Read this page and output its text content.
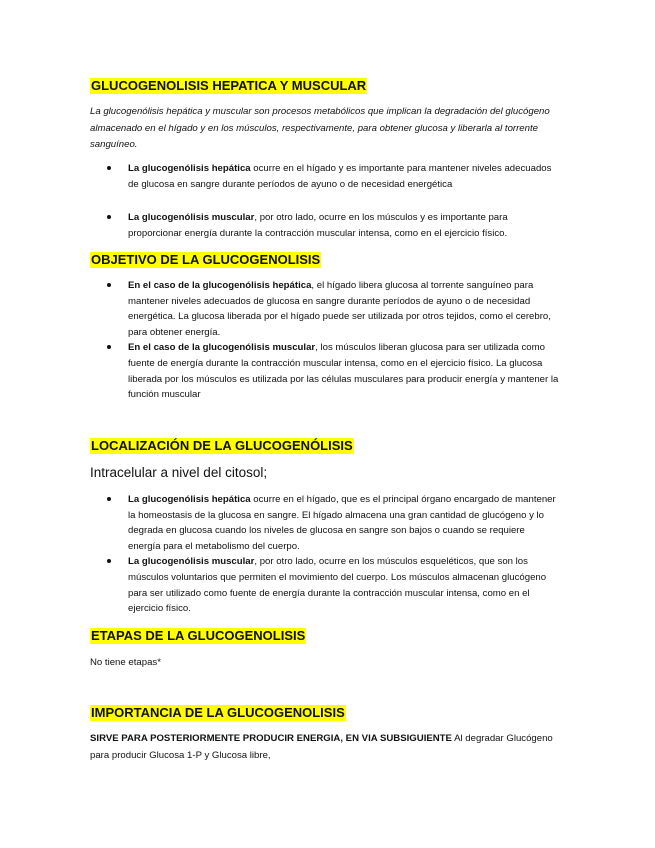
GLUCOGENOLISIS HEPATICA Y MUSCULAR
La glucogenólisis hepática y muscular son procesos metabólicos que implican la degradación del glucógeno almacenado en el hígado y en los músculos, respectivamente, para obtener glucosa y liberarla al torrente sanguíneo.
La glucogenólisis hepática ocurre en el hígado y es importante para mantener niveles adecuados de glucosa en sangre durante períodos de ayuno o de necesidad energética
La glucogenólisis muscular, por otro lado, ocurre en los músculos y es importante para proporcionar energía durante la contracción muscular intensa, como en el ejercicio físico.
OBJETIVO DE LA GLUCOGENOLISIS
En el caso de la glucogenólisis hepática, el hígado libera glucosa al torrente sanguíneo para mantener niveles adecuados de glucosa en sangre durante períodos de ayuno o de necesidad energética. La glucosa liberada por el hígado puede ser utilizada por otros tejidos, como el cerebro, para obtener energía.
En el caso de la glucogenólisis muscular, los músculos liberan glucosa para ser utilizada como fuente de energía durante la contracción muscular intensa, como en el ejercicio físico. La glucosa liberada por los músculos es utilizada por las células musculares para producir energía y mantener la función muscular
LOCALIZACIÓN DE LA GLUCOGENÓLISIS
Intracelular a nivel del citosol;
La glucogenólisis hepática ocurre en el hígado, que es el principal órgano encargado de mantener la homeostasis de la glucosa en sangre. El hígado almacena una gran cantidad de glucógeno y lo degrada en glucosa cuando los niveles de glucosa en sangre son bajos o cuando se requiere energía para el metabolismo del cuerpo.
La glucogenólisis muscular, por otro lado, ocurre en los músculos esqueléticos, que son los músculos voluntarios que permiten el movimiento del cuerpo. Los músculos almacenan glucógeno para ser utilizado como fuente de energía durante la contracción muscular intensa, como en el ejercicio físico.
ETAPAS DE LA GLUCOGENOLISIS
No tiene etapas*
IMPORTANCIA DE LA GLUCOGENOLISIS
SIRVE PARA POSTERIORMENTE PRODUCIR ENERGIA, EN VIA SUBSIGUIENTE Al degradar Glucógeno para producir Glucosa 1-P y Glucosa libre,
